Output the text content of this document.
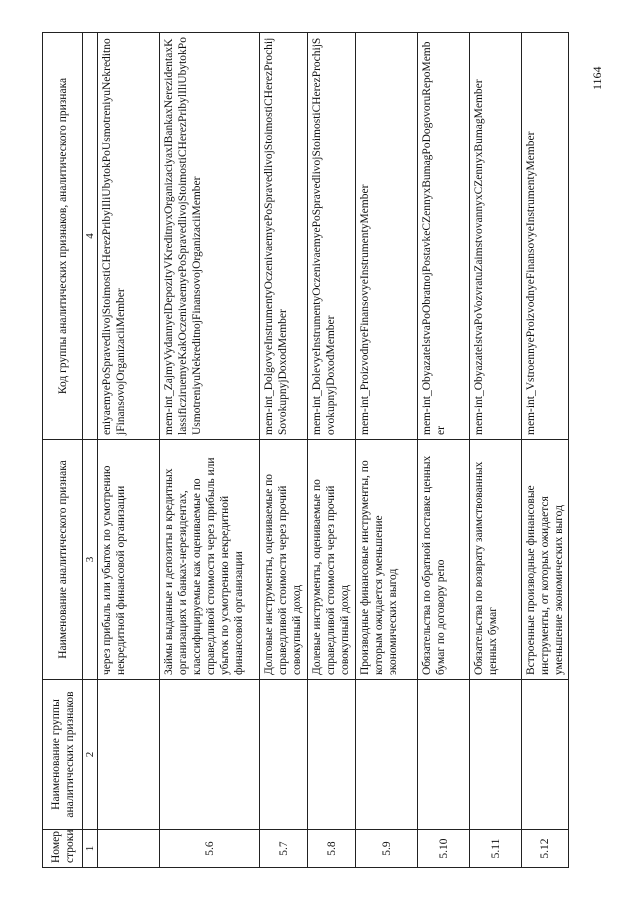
1164
Номер строки	Наименование группы аналитических признаков	Наименование аналитического признака	Код группы аналитических признаков, аналитического признака
1	2	3	4
		через прибыль или убыток по усмотрению некредитной финансовой организации	eniyaemyePoSpravedlivojStoimostiCHerezPribylIliUbytokPoUsmotreniyuNekreditnojFinansovojOrganizaciiMember
5.6		Займы выданные и депозиты в кредитных организациях и банках-нерезидентах, классифицируемые как оцениваемые по справедливой стоимости через прибыль или убыток по усмотрению некредитной финансовой организации	mem-int_ZajmyVydannyelDepozityVKreditnyxOrganizaciyaxIBankaxNerezidentaxKlassificziruemyeKakOczenivaemyePoSpravedlivojStoimostiCHerezPribylIliUbytokPoUsmotreniyuNekreditnojFinansovojOrganizaciiMember
5.7		Долговые инструменты, оцениваемые по справедливой стоимости через прочий совокупный доход	mem-int_DolgovyeInstrumentyOczenivaemyePoSpravedlivojStoimostiCHerezProchijSovokupnyjDoxodMember
5.8		Долевые инструменты, оцениваемые по справедливой стоимости через прочий совокупный доход	mem-int_DolevyeInstrumentyOczenivaemyePoSpravedlivojStoimostiCHerezProchijSovokupnyjDoxodMember
5.9		Производные финансовые инструменты, по которым ожидается уменьшение экономических выгод	mem-int_ProizvodnyeFinansovyeInstrumentyMember
5.10		Обязательства по обратной поставке ценных бумаг по договору репо	mem-int_ObyazatelstvaPoObratnojPostavkeCZennyxBumagPoDogovoruRepoMember
5.11		Обязательства по возврату заимствованных ценных бумаг	mem-int_ObyazatelstvaPoVozvratuZaimstvovannyxCZennyxBumagMember
5.12		Встроенные производные финансовые инструменты, от которых ожидается уменьшение экономических выгод	mem-int_VstroennyeProizvodnyeFinansovyeInstrumentyMember
